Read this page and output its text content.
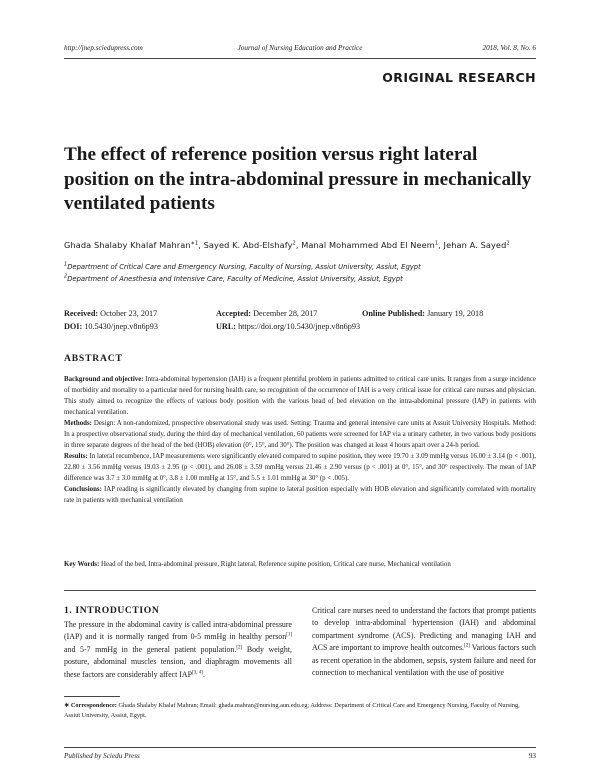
http://jnep.sciedupress.com	Journal of Nursing Education and Practice	2018, Vol. 8, No. 6
ORIGINAL RESEARCH
The effect of reference position versus right lateral position on the intra-abdominal pressure in mechanically ventilated patients
Ghada Shalaby Khalaf Mahran$^{∗1}$, Sayed K. Abd-Elshafy$^2$, Manal Mohammed Abd El Neem$^1$, Jehan A. Sayed$^2$
$^1$Department of Critical Care and Emergency Nursing, Faculty of Nursing, Assiut University, Assiut, Egypt
$^2$Department of Anesthesia and Intensive Care, Faculty of Medicine, Assiut University, Assiut, Egypt
Received: October 23, 2017	Accepted: December 28, 2017	Online Published: January 19, 2018
DOI: 10.5430/jnep.v8n6p93	URL: https://doi.org/10.5430/jnep.v8n6p93
ABSTRACT

Background and objective: Intra-abdominal hypertension (IAH) is a frequent plentiful problem in patients admitted to critical care units. It ranges from a surge incidence of morbidity and mortality to a particular need for nursing health care, so recognition of the occurrence of IAH is a very critical issue for critical care nurses and physician. This study aimed to recognize the effects of various body position with the various head of bed elevation on the intra-abdominal pressure (IAP) in patients with mechanical ventilation.

Methods: Design: A non-randomized, prospective observational study was used. Setting: Trauma and general intensive care units at Assuit University Hospitals. Method: In a prospective observational study, during the third day of mechanical ventilation, 60 patients were screened for IAP via a urinary catheter, in two various body positions in three separate degrees of the head of the bed (HOB) elevation (0°, 15°, and 30°). The position was changed at least 4 hours apart over a 24-h period.

Results: In lateral recumbence, IAP measurements were significantly elevated compared to supine position, they were 19.70 ± 3.09 mmHg versus 16.00 ± 3.14 (p < .001), 22.80 ± 3.56 mmHg versus 19.03 ± 2.95 (p < .001), and 26.08 ± 3.59 mmHg versus 21.46 ± 2.90 versus (p < .001) at 0°, 15°, and 30° respectively. The mean of IAP difference was 3.7 ± 3.0 mmHg at 0°, 3.8 ± 1.00 mmHg at 15°, and 5.5 ± 1.01 mmHg at 30° (p < .005).

Conclusions: IAP reading is significantly elevated by changing from supine to lateral position especially with HOB elevation and significantly correlated with mortality rate in patients with mechanical ventilation

Key Words: Head of the bed, Intra-abdominal pressure, Right lateral, Reference supine position, Critical care nurse, Mechanical ventilation
1. INTRODUCTION
The pressure in the abdominal cavity is called intra-abdominal pressure (IAP) and it is normally ranged from 0-5 mmHg in healthy person[1] and 5-7 mmHg in the general patient population.[2] Body weight, posture, abdominal muscles tension, and diaphragm movements all these factors are considerably affect IAP[3, 4].
Critical care nurses need to understand the factors that prompt patients to develop intra-abdominal hypertension (IAH) and abdominal compartment syndrome (ACS). Predicting and managing IAH and ACS are important to improve health outcomes.[2] Various factors such as recent operation in the abdomen, sepsis, system failure and need for connection to mechanical ventilation with the use of positive
∗ Correspondence: Ghada Shalaby Khalaf Mahran; Email: ghada.mahran@nursing.aun.edu.eg; Address: Department of Critical Care and Emergency Nursing, Faculty of Nursing, Assiut University, Assiut, Egypt.
Published by Sciedu Press	93
